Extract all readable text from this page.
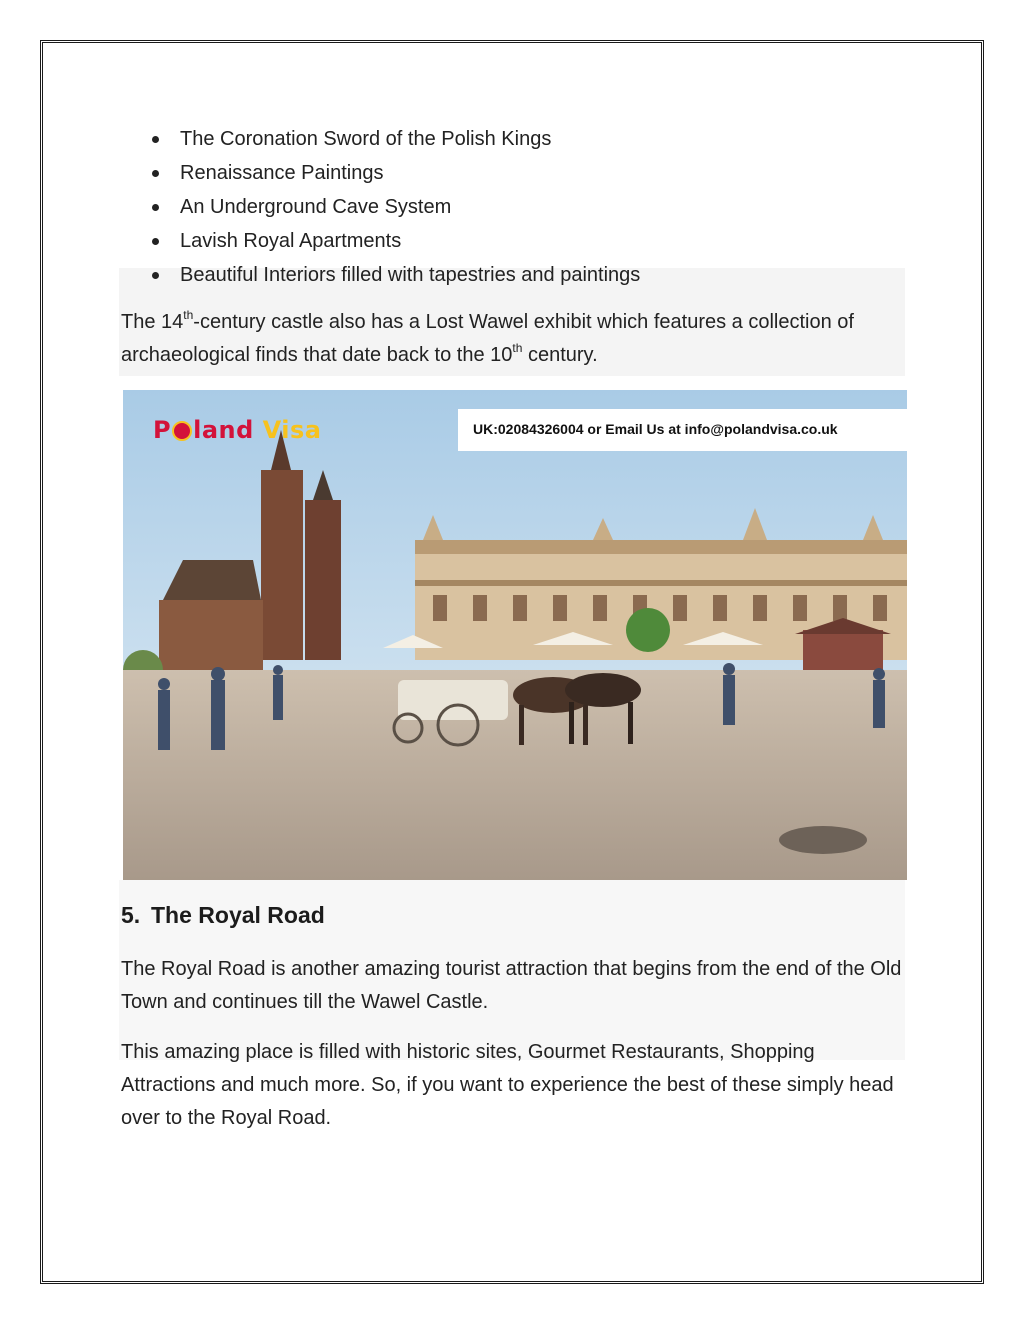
The Coronation Sword of the Polish Kings
Renaissance Paintings
An Underground Cave System
Lavish Royal Apartments
Beautiful Interiors filled with tapestries and paintings

The 14th-century castle also has a Lost Wawel exhibit which features a collection of archaeological finds that date back to the 10th century.

P land Visa	UK:02084326004 or Email Us at info@polandvisa.co.uk
5. The Royal Road

The Royal Road is another amazing tourist attraction that begins from the end of the Old Town and continues till the Wawel Castle.

This amazing place is filled with historic sites, Gourmet Restaurants, Shopping Attractions and much more. So, if you want to experience the best of these simply head over to the Royal Road.
